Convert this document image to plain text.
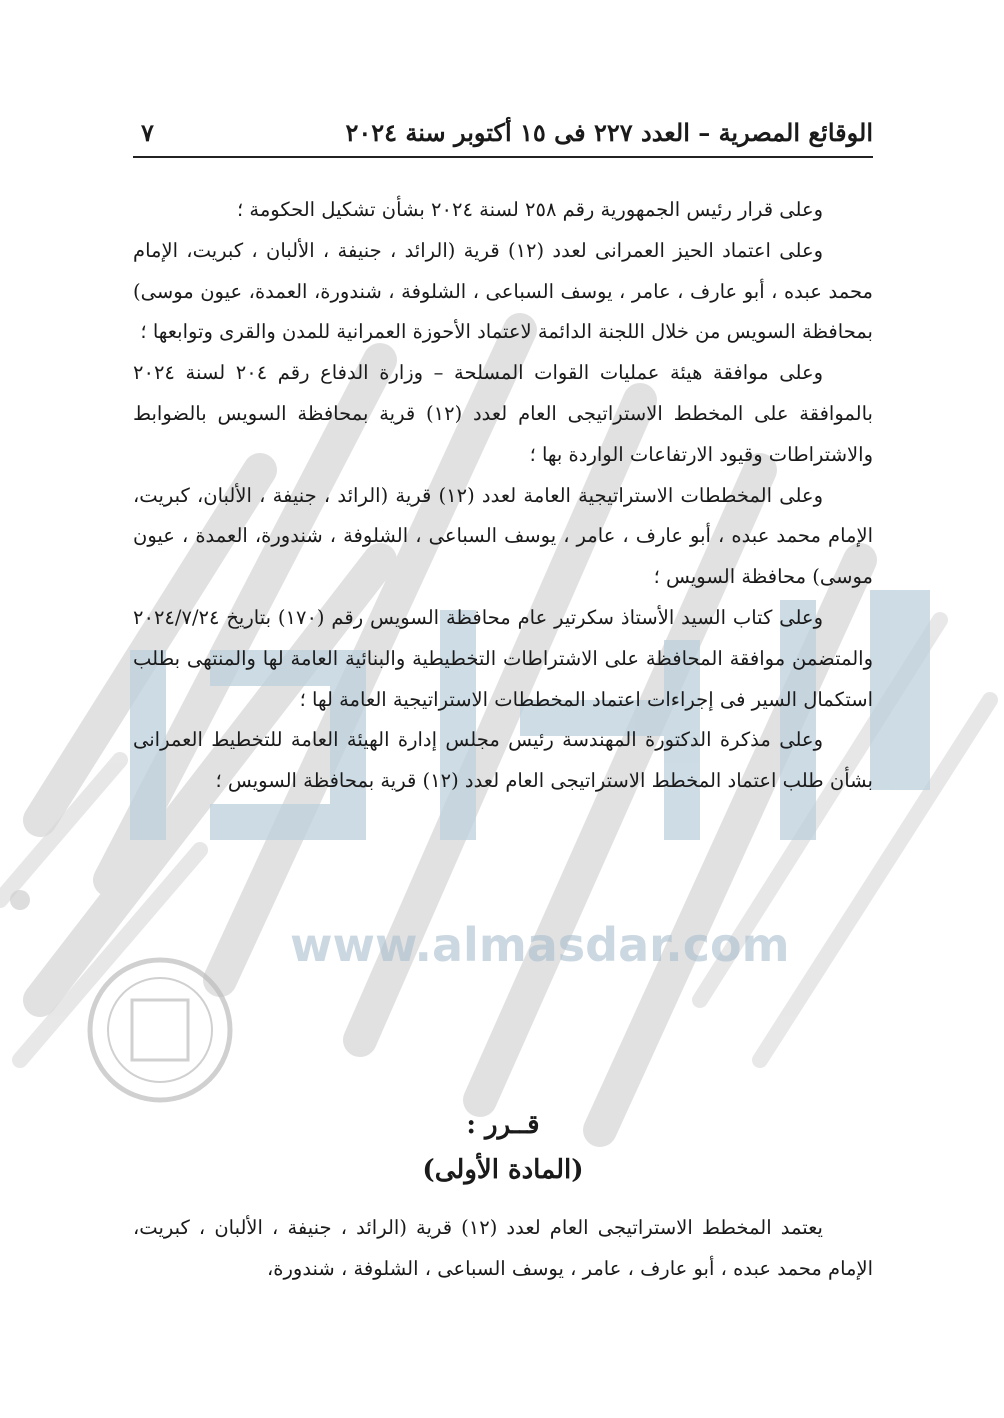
www.almasdar.com
الوقائع المصرية – العدد ٢٢٧ فى ١٥ أكتوبر سنة ٢٠٢٤
٧

وعلى قرار رئيس الجمهورية رقم ٢٥٨ لسنة ٢٠٢٤ بشأن تشكيل الحكومة ؛

وعلى اعتماد الحيز العمرانى لعدد (١٢) قرية (الرائد ، جنيفة ، الألبان ، كبريت، الإمام محمد عبده ، أبو عارف ، عامر ، يوسف السباعى ، الشلوفة ، شندورة، العمدة، عيون موسى) بمحافظة السويس من خلال اللجنة الدائمة لاعتماد الأحوزة العمرانية للمدن والقرى وتوابعها ؛

وعلى موافقة هيئة عمليات القوات المسلحة – وزارة الدفاع رقم ٢٠٤ لسنة ٢٠٢٤ بالموافقة على المخطط الاستراتيجى العام لعدد (١٢) قرية بمحافظة السويس بالضوابط والاشتراطات وقيود الارتفاعات الواردة بها ؛

وعلى المخططات الاستراتيجية العامة لعدد (١٢) قرية (الرائد ، جنيفة ، الألبان، كبريت، الإمام محمد عبده ، أبو عارف ، عامر ، يوسف السباعى ، الشلوفة ، شندورة، العمدة ، عيون موسى) محافظة السويس ؛

وعلى كتاب السيد الأستاذ سكرتير عام محافظة السويس رقم (١٧٠) بتاريخ ٢٠٢٤/٧/٢٤ والمتضمن موافقة المحافظة على الاشتراطات التخطيطية والبنائية العامة لها والمنتهى بطلب استكمال السير فى إجراءات اعتماد المخططات الاستراتيجية العامة لها ؛

وعلى مذكرة الدكتورة المهندسة رئيس مجلس إدارة الهيئة العامة للتخطيط العمرانى بشأن طلب اعتماد المخطط الاستراتيجى العام لعدد (١٢) قرية بمحافظة السويس ؛

قــرر :
(المادة الأولى)

يعتمد المخطط الاستراتيجى العام لعدد (١٢) قرية (الرائد ، جنيفة ، الألبان ، كبريت، الإمام محمد عبده ، أبو عارف ، عامر ، يوسف السباعى ، الشلوفة ، شندورة،
